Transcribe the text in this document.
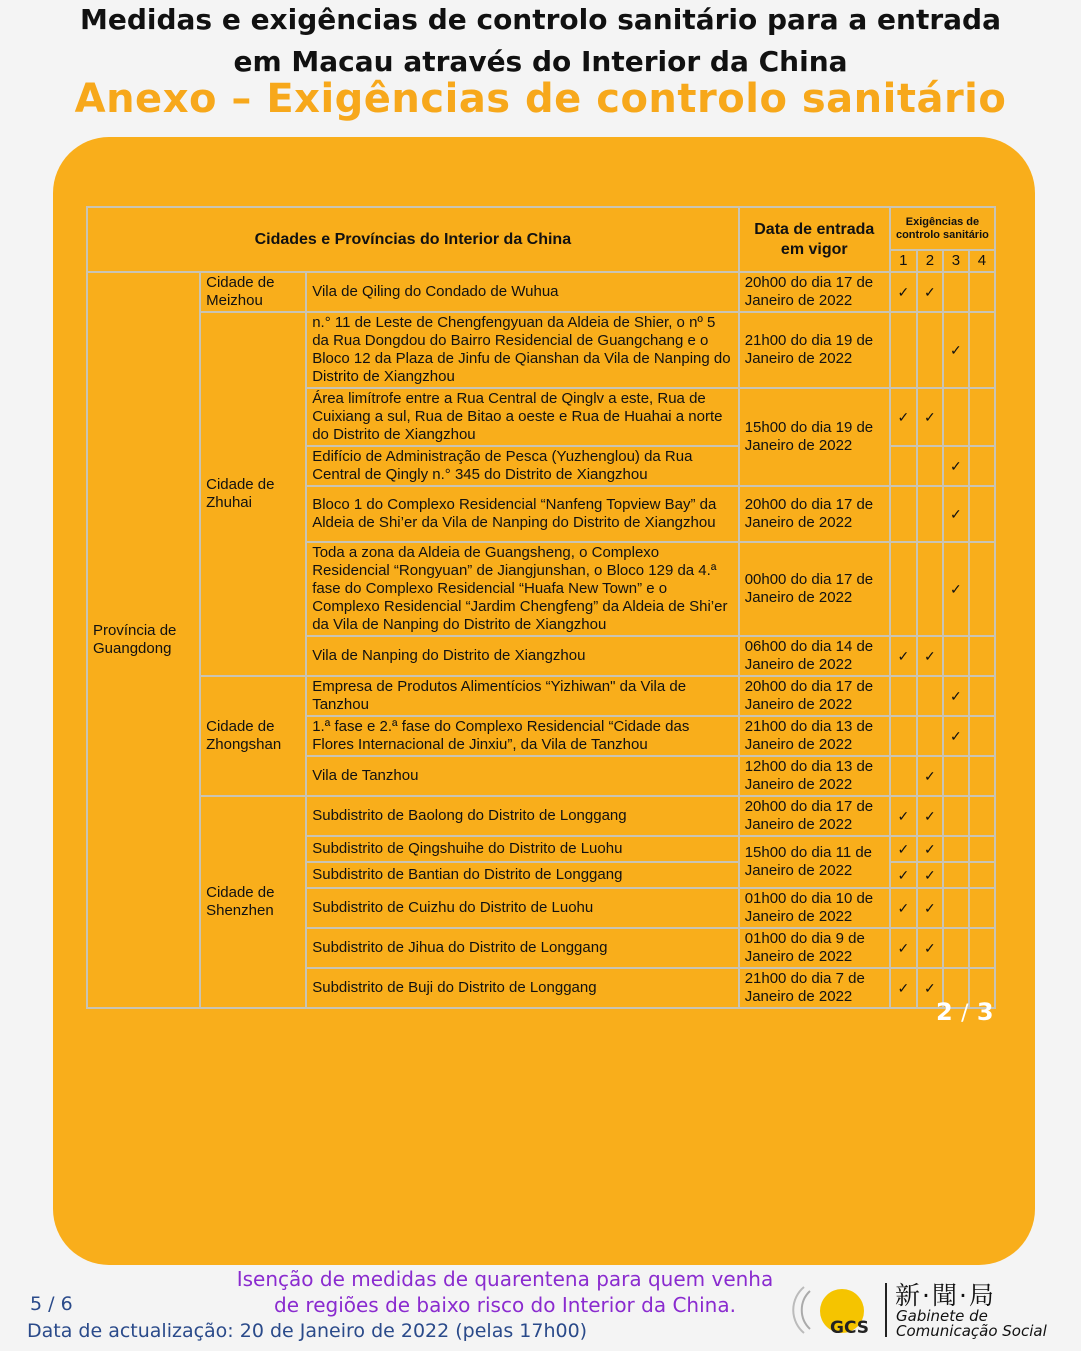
Medidas e exigências de controlo sanitário para a entrada
em Macau através do Interior da China
Anexo – Exigências de controlo sanitário
Cidades e Províncias do Interior da China			Data de entrada em vigor	Exigências de controlo sanitário			
				1	2	3	4
Província de Guangdong	Cidade de Meizhou	Vila de Qiling do Condado de Wuhua	20h00 do dia 17 de Janeiro de 2022	✓	✓		
	Cidade de Zhuhai	n.° 11 de Leste de Chengfengyuan da Aldeia de Shier, o nº 5 da Rua Dongdou do Bairro Residencial de Guangchang e o Bloco 12 da Plaza de Jinfu de Qianshan da Vila de Nanping do Distrito de Xiangzhou	21h00 do dia 19 de Janeiro de 2022			✓	
		Área limítrofe entre a Rua Central de Qinglv a este, Rua de Cuixiang a sul, Rua de Bitao a oeste e Rua de Huahai a norte do Distrito de Xiangzhou	15h00 do dia 19 de Janeiro de 2022	✓	✓		
		Edifício de Administração de Pesca (Yuzhenglou) da Rua Central de Qingly n.° 345 do Distrito de Xiangzhou				✓	
		Bloco 1 do Complexo Residencial “Nanfeng Topview Bay” da Aldeia de Shi’er da Vila de Nanping do Distrito de Xiangzhou	20h00 do dia 17 de Janeiro de 2022			✓	
		Toda a zona da Aldeia de Guangsheng, o Complexo Residencial “Rongyuan” de Jiangjunshan, o Bloco 129 da 4.ª fase do Complexo Residencial “Huafa New Town” e o Complexo Residencial “Jardim Chengfeng” da Aldeia de Shi’er da Vila de Nanping do Distrito de Xiangzhou	00h00 do dia 17 de Janeiro de 2022			✓	
		Vila de Nanping do Distrito de Xiangzhou	06h00 do dia 14 de Janeiro de 2022	✓	✓		
	Cidade de Zhongshan	Empresa de Produtos Alimentícios “Yizhiwan" da Vila de Tanzhou	20h00 do dia 17 de Janeiro de 2022			✓	
		1.ª fase e 2.ª fase do Complexo Residencial “Cidade das Flores Internacional de Jinxiu”, da Vila de Tanzhou	21h00 do dia 13 de Janeiro de 2022			✓	
		Vila de Tanzhou	12h00 do dia 13 de Janeiro de 2022		✓		
	Cidade de Shenzhen	Subdistrito de Baolong do Distrito de Longgang	20h00 do dia 17 de Janeiro de 2022	✓	✓		
		Subdistrito de Qingshuihe do Distrito de Luohu	15h00 do dia 11 de Janeiro de 2022	✓	✓		
		Subdistrito de Bantian do Distrito de Longgang		✓	✓		
		Subdistrito de Cuizhu do Distrito de Luohu	01h00 do dia 10 de Janeiro de 2022	✓	✓		
		Subdistrito de Jihua do Distrito de Longgang	01h00 do dia 9 de Janeiro de 2022	✓	✓		
		Subdistrito de Buji do Distrito de Longgang	21h00 do dia 7 de Janeiro de 2022	✓	✓		
2 / 3
Isenção de medidas de quarentena para quem venha
de regiões de baixo risco do Interior da China.
5 / 6
Data de actualização: 20 de Janeiro de 2022 (pelas 17h00)	GCS
新·聞·局
Gabinete de
Comunicação Social
